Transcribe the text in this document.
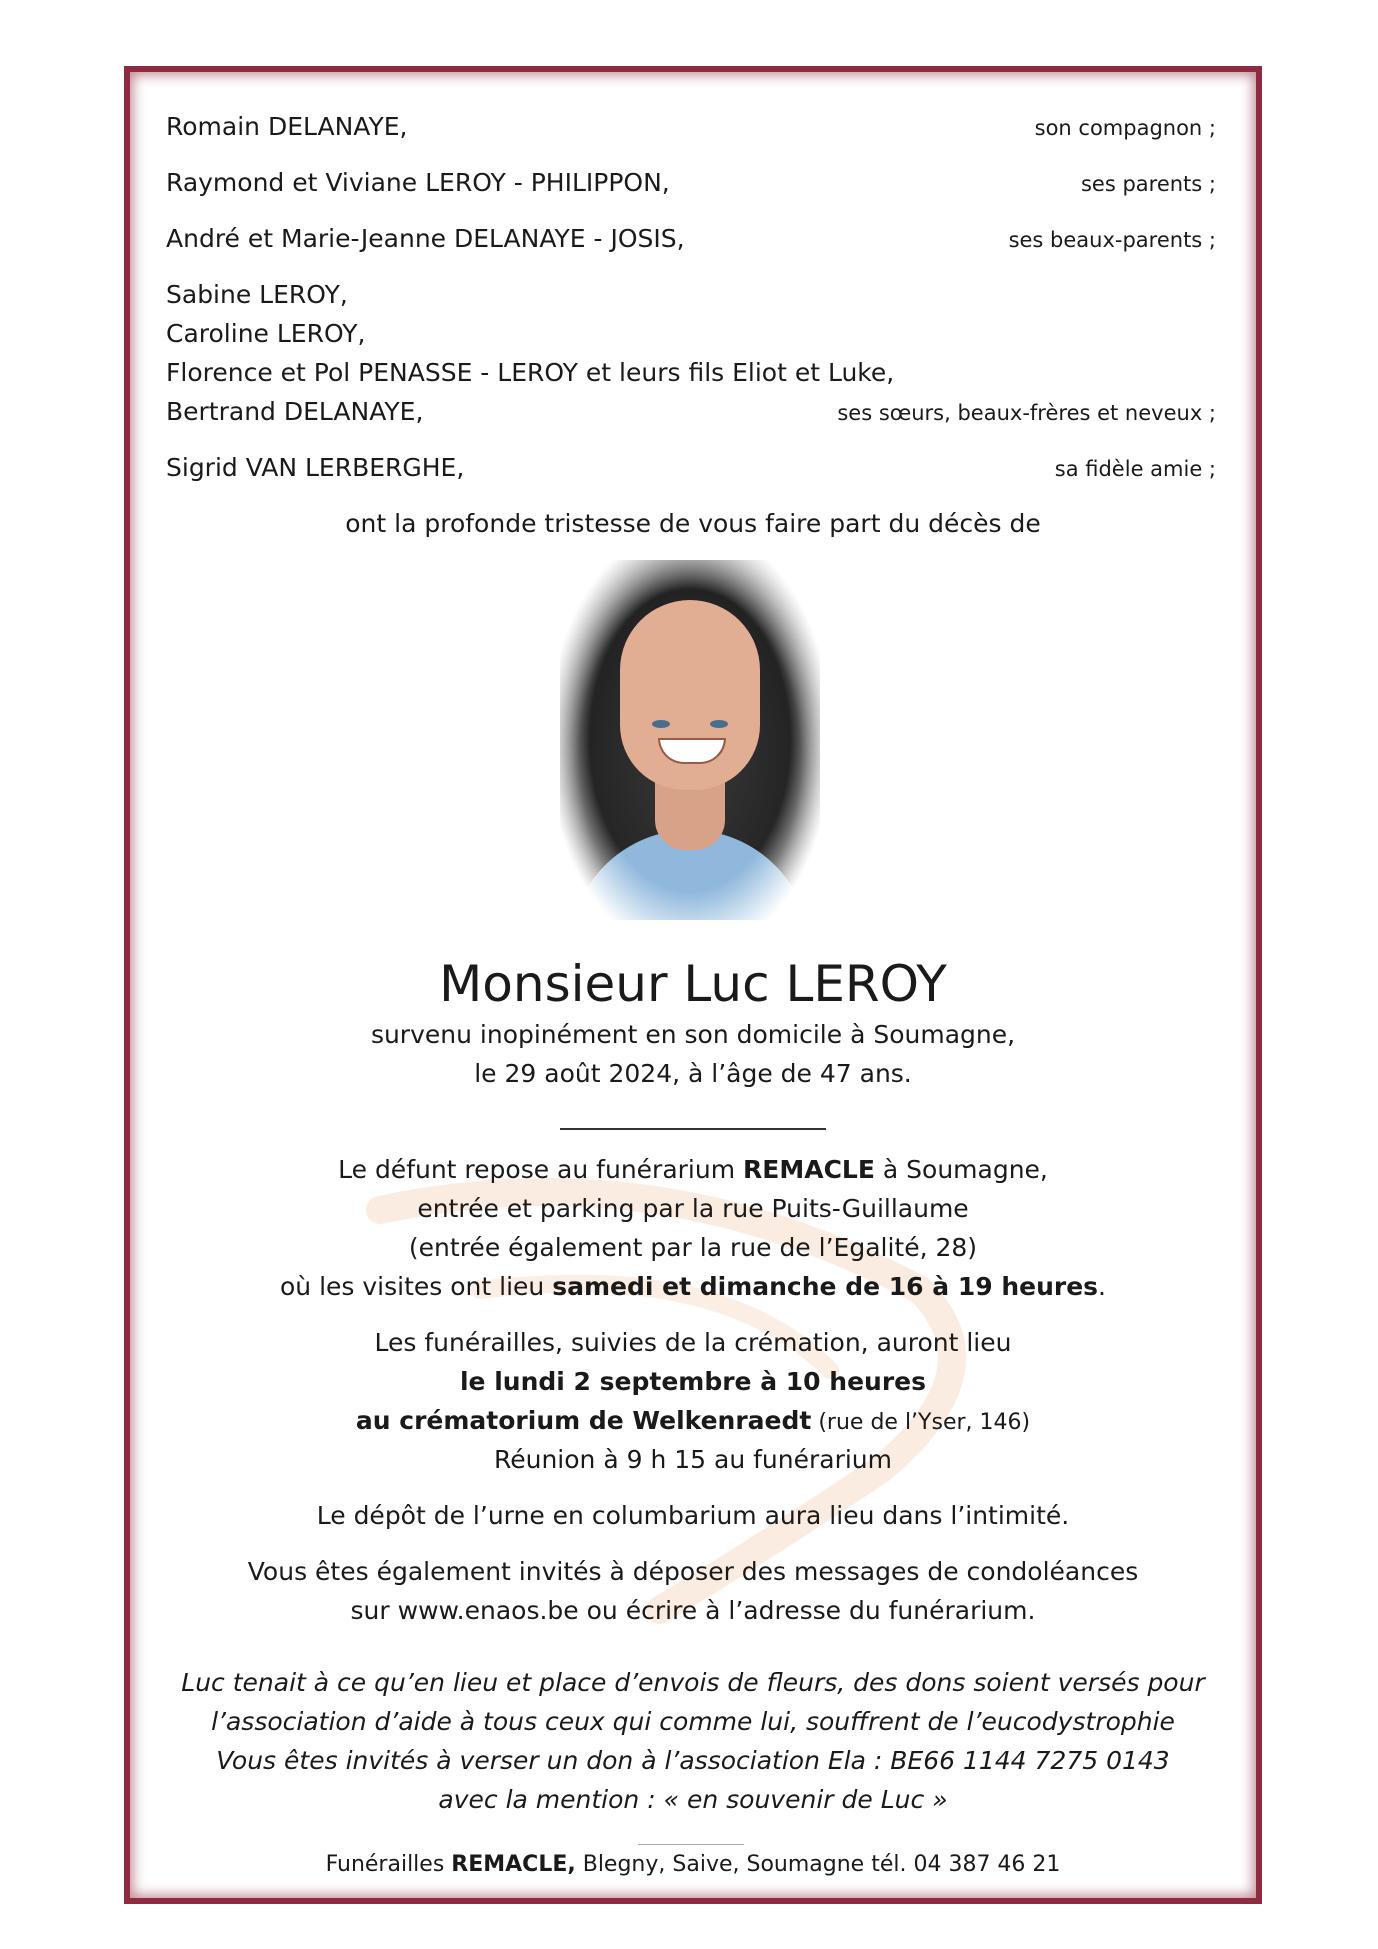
Romain DELANAYE,	son compagnon ;
Raymond et Viviane LEROY - PHILIPPON,	ses parents ;
André et Marie-Jeanne DELANAYE - JOSIS,	ses beaux-parents ;
Sabine LEROY,
Caroline LEROY,
Florence et Pol PENASSE - LEROY et leurs fils Eliot et Luke,
Bertrand DELANAYE,	ses sœurs, beaux-frères et neveux ;
Sigrid VAN LERBERGHE,	sa fidèle amie ;
ont la profonde tristesse de vous faire part du décès de
Monsieur Luc LEROY
survenu inopinément en son domicile à Soumagne,
le 29 août 2024, à l’âge de 47 ans.
Le défunt repose au funérarium REMACLE à Soumagne,
entrée et parking par la rue Puits-Guillaume
(entrée également par la rue de l’Egalité, 28)
où les visites ont lieu samedi et dimanche de 16 à 19 heures.
Les funérailles, suivies de la crémation, auront lieu
le lundi 2 septembre à 10 heures
au crématorium de Welkenraedt (rue de l’Yser, 146)
Réunion à 9 h 15 au funérarium
Le dépôt de l’urne en columbarium aura lieu dans l’intimité.
Vous êtes également invités à déposer des messages de condoléances
sur www.enaos.be ou écrire à l’adresse du funérarium.
Luc tenait à ce qu’en lieu et place d’envois de fleurs, des dons soient versés pour
l’association d’aide à tous ceux qui comme lui, souffrent de l’eucodystrophie
Vous êtes invités à verser un don à l’association Ela : BE66 1144 7275 0143
avec la mention : « en souvenir de Luc »
Funérailles REMACLE, Blegny, Saive, Soumagne tél. 04 387 46 21
